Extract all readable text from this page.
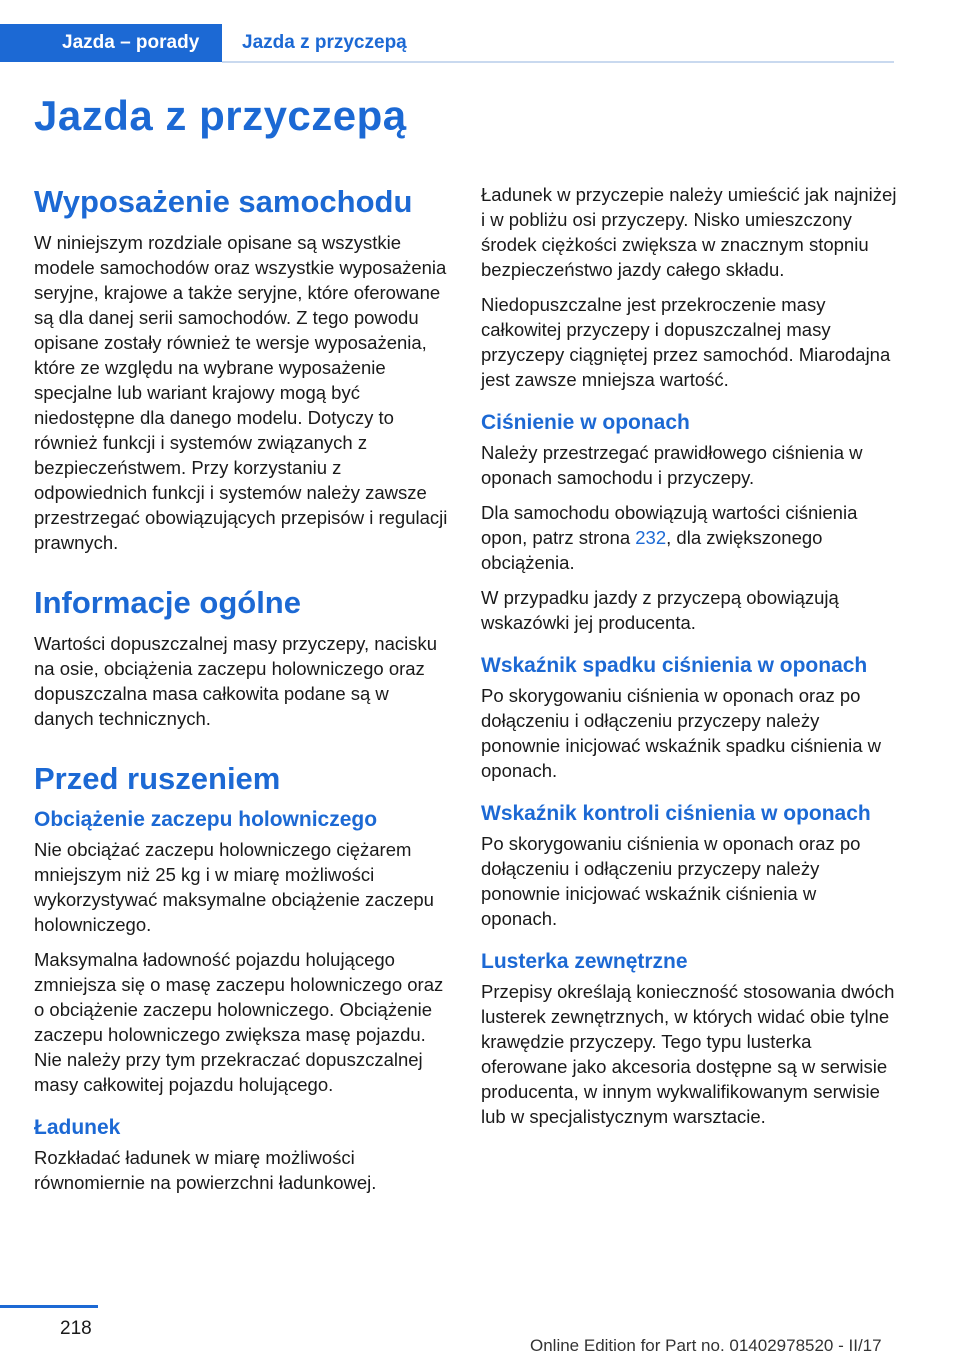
Jazda – porady	Jazda z przyczepą
Jazda z przyczepą
Wyposażenie samochodu

W niniejszym rozdziale opisane są wszystkie modele samochodów oraz wszystkie wyposażenia seryjne, krajowe a także seryjne, które oferowane są dla danej serii samochodów. Z tego powodu opisane zostały również te wersje wyposażenia, które ze względu na wybrane wyposażenie specjalne lub wariant krajowy mogą być niedostępne dla danego modelu. Dotyczy to również funkcji i systemów związanych z bezpieczeństwem. Przy korzystaniu z odpowiednich funkcji i systemów należy zawsze przestrzegać obowiązujących przepisów i regulacji prawnych.

Informacje ogólne

Wartości dopuszczalnej masy przyczepy, nacisku na osie, obciążenia zaczepu holowniczego oraz dopuszczalna masa całkowita podane są w danych technicznych.

Przed ruszeniem
Obciążenie zaczepu holowniczego

Nie obciążać zaczepu holowniczego ciężarem mniejszym niż 25 kg i w miarę możliwości wykorzystywać maksymalne obciążenie zaczepu holowniczego.

Maksymalna ładowność pojazdu holującego zmniejsza się o masę zaczepu holowniczego oraz o obciążenie zaczepu holowniczego. Obciążenie zaczepu holowniczego zwiększa masę pojazdu. Nie należy przy tym przekraczać dopuszczalnej masy całkowitej pojazdu holującego.

Ładunek

Rozkładać ładunek w miarę możliwości równomiernie na powierzchni ładunkowej.

Ładunek w przyczepie należy umieścić jak najniżej i w pobliżu osi przyczepy. Nisko umieszczony środek ciężkości zwiększa w znacznym stopniu bezpieczeństwo jazdy całego składu.

Niedopuszczalne jest przekroczenie masy całkowitej przyczepy i dopuszczalnej masy przyczepy ciągniętej przez samochód. Miarodajna jest zawsze mniejsza wartość.

Ciśnienie w oponach

Należy przestrzegać prawidłowego ciśnienia w oponach samochodu i przyczepy.

Dla samochodu obowiązują wartości ciśnienia opon, patrz strona 232, dla zwiększonego obciążenia.

W przypadku jazdy z przyczepą obowiązują wskazówki jej producenta.

Wskaźnik spadku ciśnienia w oponach

Po skorygowaniu ciśnienia w oponach oraz po dołączeniu i odłączeniu przyczepy należy ponownie inicjować wskaźnik spadku ciśnienia w oponach.

Wskaźnik kontroli ciśnienia w oponach

Po skorygowaniu ciśnienia w oponach oraz po dołączeniu i odłączeniu przyczepy należy ponownie inicjować wskaźnik ciśnienia w oponach.

Lusterka zewnętrzne

Przepisy określają konieczność stosowania dwóch lusterek zewnętrznych, w których widać obie tylne krawędzie przyczepy. Tego typu lusterka oferowane jako akcesoria dostępne są w serwisie producenta, w innym wykwalifikowanym serwisie lub w specjalistycznym warsztacie.

218
Online Edition for Part no. 01402978520 - II/17
